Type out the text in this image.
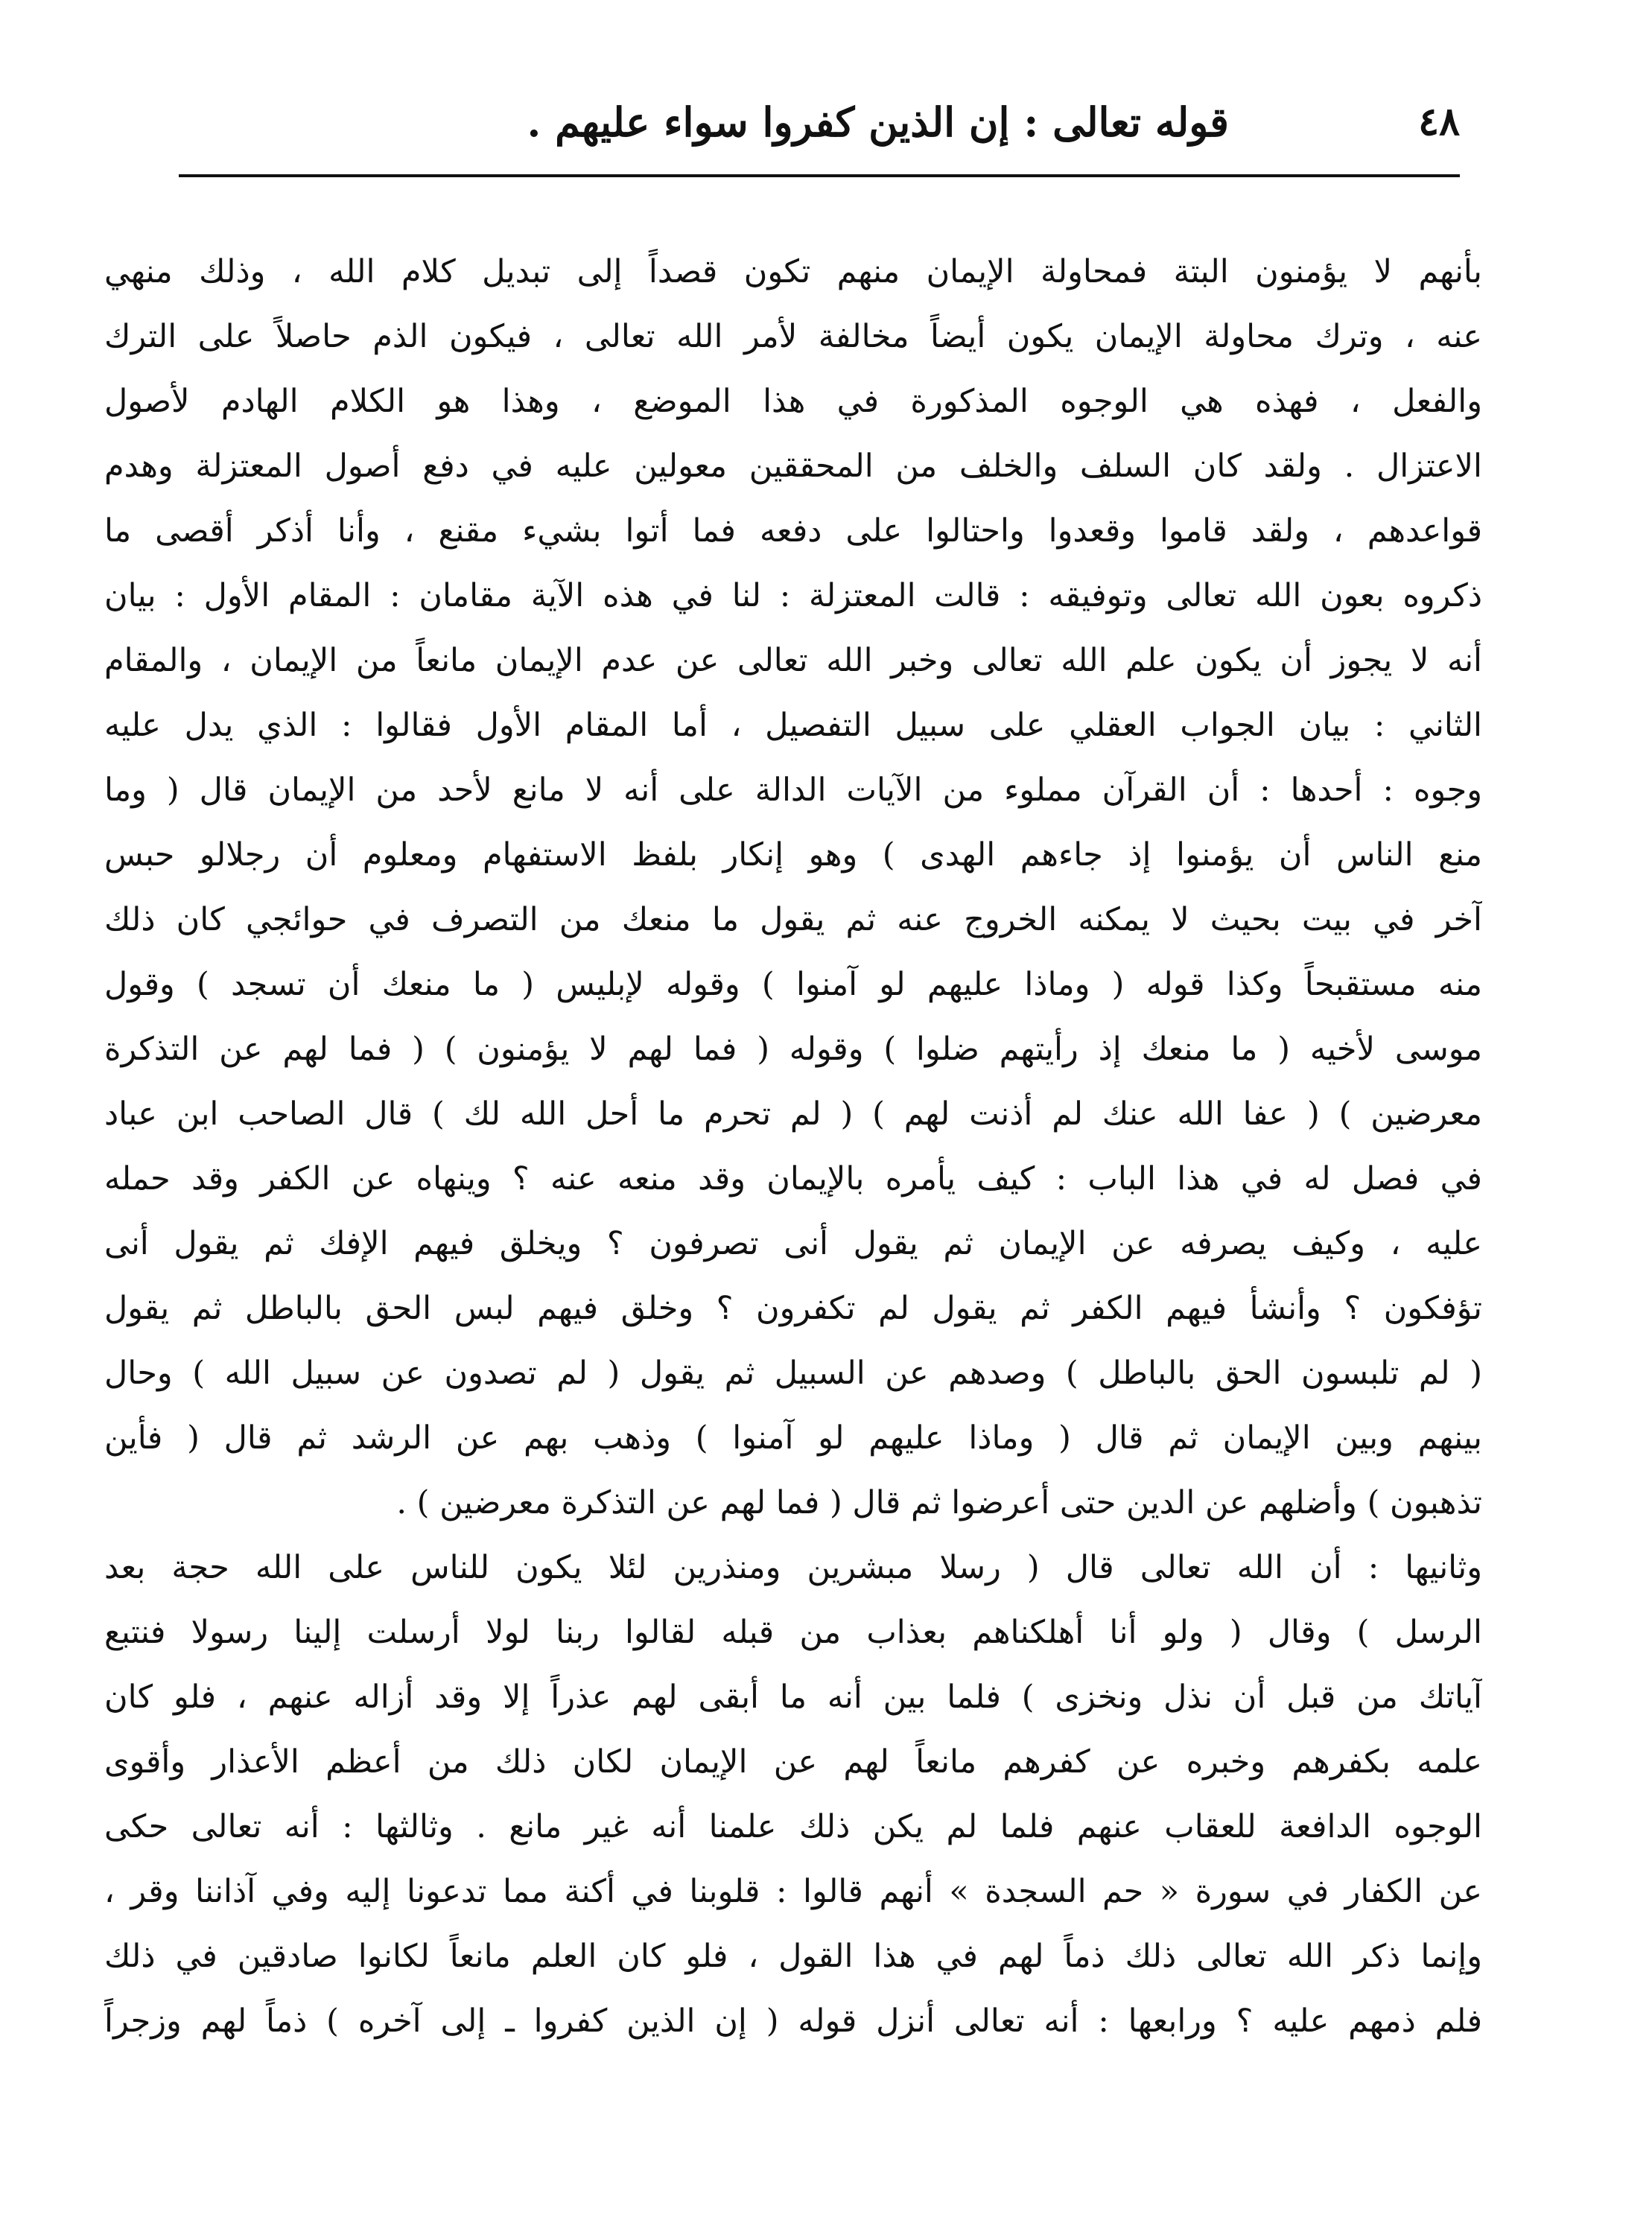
٤٨
قوله تعالى : إن الذين كفروا سواء عليهم .
بأنهم لا يؤمنون البتة فمحاولة الإيمان منهم تكون قصداً إلى تبديل كلام الله ، وذلك منهي
عنه ، وترك محاولة الإيمان يكون أيضاً مخالفة لأمر الله تعالى ، فيكون الذم حاصلاً على الترك
والفعل ، فهذه هي الوجوه المذكورة في هذا الموضع ، وهذا هو الكلام الهادم لأصول
الاعتزال . ولقد كان السلف والخلف من المحققين معولين عليه في دفع أصول المعتزلة وهدم
قواعدهم ، ولقد قاموا وقعدوا واحتالوا على دفعه فما أتوا بشيء مقنع ، وأنا أذكر أقصى ما
ذكروه بعون الله تعالى وتوفيقه : قالت المعتزلة : لنا في هذه الآية مقامان : المقام الأول : بيان
أنه لا يجوز أن يكون علم الله تعالى وخبر الله تعالى عن عدم الإيمان مانعاً من الإيمان ، والمقام
الثاني : بيان الجواب العقلي على سبيل التفصيل ، أما المقام الأول فقالوا : الذي يدل عليه
وجوه : أحدها : أن القرآن مملوء من الآيات الدالة على أنه لا مانع لأحد من الإيمان قال ( وما
منع الناس أن يؤمنوا إذ جاءهم الهدى ) وهو إنكار بلفظ الاستفهام ومعلوم أن رجلالو حبس
آخر في بيت بحيث لا يمكنه الخروج عنه ثم يقول ما منعك من التصرف في حوائجي كان ذلك
منه مستقبحاً وكذا قوله ( وماذا عليهم لو آمنوا ) وقوله لإبليس ( ما منعك أن تسجد ) وقول
موسى لأخيه ( ما منعك إذ رأيتهم ضلوا ) وقوله ( فما لهم لا يؤمنون ) ( فما لهم عن التذكرة
معرضين ) ( عفا الله عنك لم أذنت لهم ) ( لم تحرم ما أحل الله لك ) قال الصاحب ابن عباد
في فصل له في هذا الباب : كيف يأمره بالإيمان وقد منعه عنه ؟ وينهاه عن الكفر وقد حمله
عليه ، وكيف يصرفه عن الإيمان ثم يقول أنى تصرفون ؟ ويخلق فيهم الإفك ثم يقول أنى
تؤفكون ؟ وأنشأ فيهم الكفر ثم يقول لم تكفرون ؟ وخلق فيهم لبس الحق بالباطل ثم يقول
( لم تلبسون الحق بالباطل ) وصدهم عن السبيل ثم يقول ( لم تصدون عن سبيل الله ) وحال
بينهم وبين الإيمان ثم قال ( وماذا عليهم لو آمنوا ) وذهب بهم عن الرشد ثم قال ( فأين
تذهبون ) وأضلهم عن الدين حتى أعرضوا ثم قال ( فما لهم عن التذكرة معرضين ) .
وثانيها : أن الله تعالى قال ( رسلا مبشرين ومنذرين لئلا يكون للناس على الله حجة بعد
الرسل ) وقال ( ولو أنا أهلكناهم بعذاب من قبله لقالوا ربنا لولا أرسلت إلينا رسولا فنتبع
آياتك من قبل أن نذل ونخزى ) فلما بين أنه ما أبقى لهم عذراً إلا وقد أزاله عنهم ، فلو كان
علمه بكفرهم وخبره عن كفرهم مانعاً لهم عن الإيمان لكان ذلك من أعظم الأعذار وأقوى
الوجوه الدافعة للعقاب عنهم فلما لم يكن ذلك علمنا أنه غير مانع . وثالثها : أنه تعالى حكى
عن الكفار في سورة « حم السجدة » أنهم قالوا : قلوبنا في أكنة مما تدعونا إليه وفي آذاننا وقر ،
وإنما ذكر الله تعالى ذلك ذماً لهم في هذا القول ، فلو كان العلم مانعاً لكانوا صادقين في ذلك
فلم ذمهم عليه ؟ ورابعها : أنه تعالى أنزل قوله ( إن الذين كفروا ـ إلى آخره ) ذماً لهم وزجراً
